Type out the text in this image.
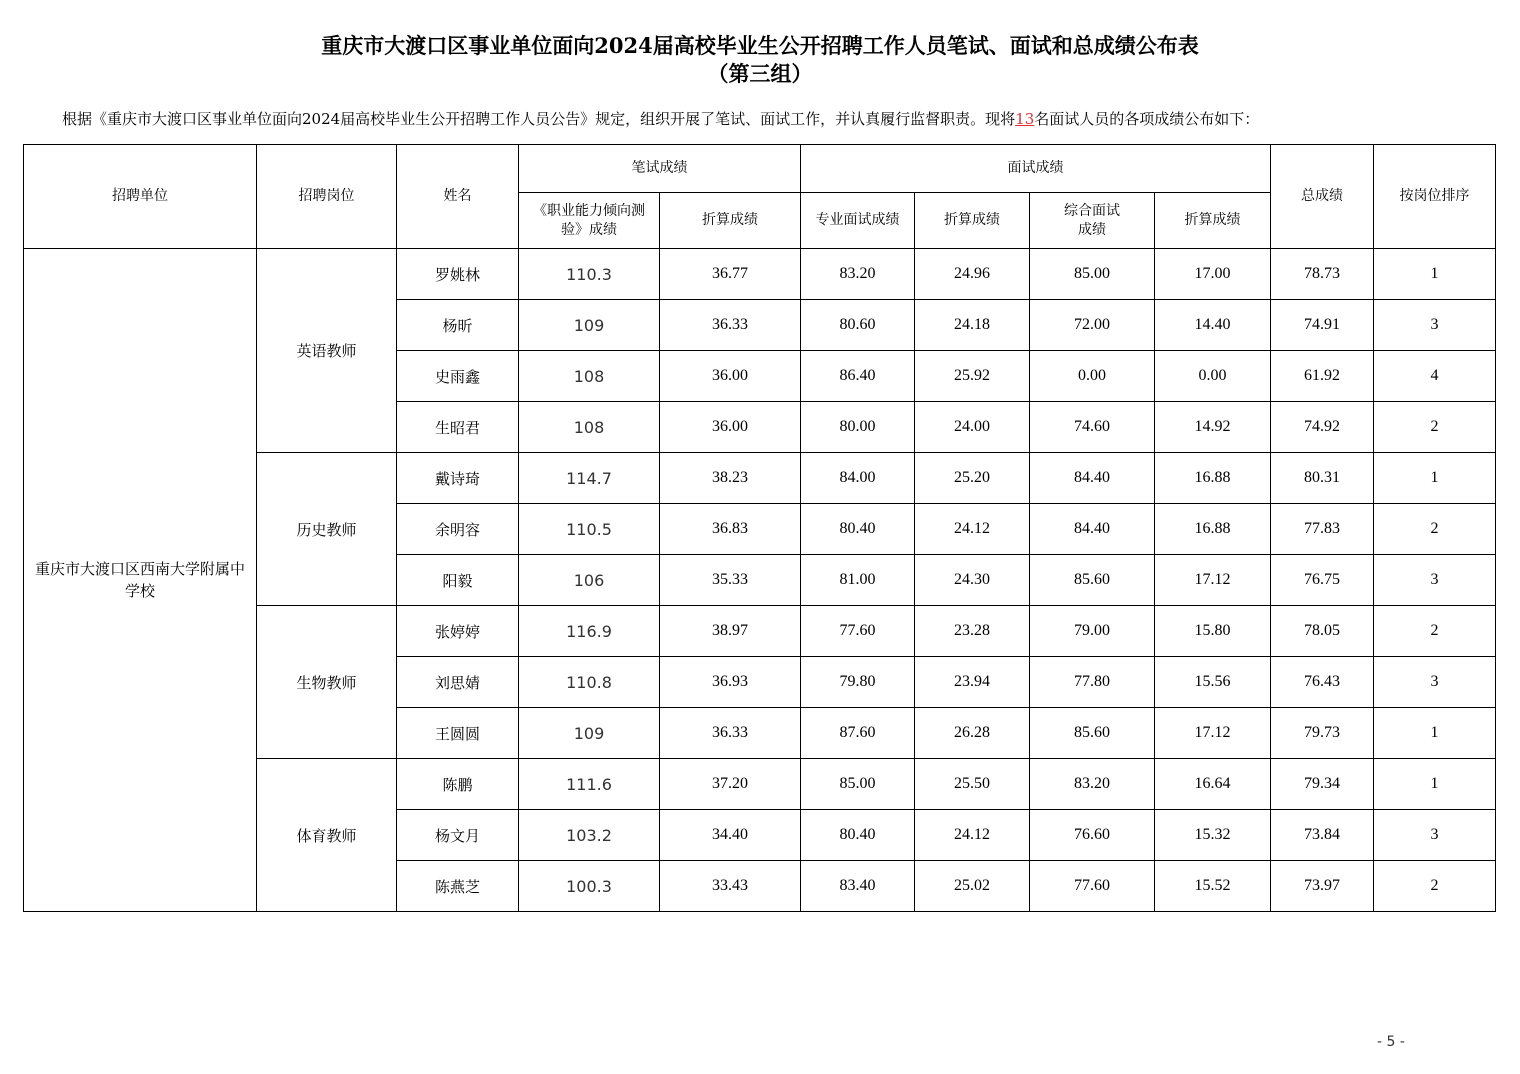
重庆市大渡口区事业单位面向2024届高校毕业生公开招聘工作人员笔试、面试和总成绩公布表
（第三组）
根据《重庆市大渡口区事业单位面向2024届高校毕业生公开招聘工作人员公告》规定，组织开展了笔试、面试工作，并认真履行监督职责。现将13名面试人员的各项成绩公布如下：
招聘单位	招聘岗位	姓名	笔试成绩		面试成绩				总成绩	按岗位排序

			《职业能力倾向测验》成绩	折算成绩	专业面试成绩	折算成绩	综合面试成绩	折算成绩		
重庆市大渡口区西南大学附属中学校	英语教师	罗姚林	110.3	36.77	83.20	24.96	85.00	17.00	78.73	1
		杨昕	109	36.33	80.60	24.18	72.00	14.40	74.91	3
		史雨鑫	108	36.00	86.40	25.92	0.00	0.00	61.92	4
		生昭君	108	36.00	80.00	24.00	74.60	14.92	74.92	2
	历史教师	戴诗琦	114.7	38.23	84.00	25.20	84.40	16.88	80.31	1
		余明容	110.5	36.83	80.40	24.12	84.40	16.88	77.83	2
		阳毅	106	35.33	81.00	24.30	85.60	17.12	76.75	3
	生物教师	张婷婷	116.9	38.97	77.60	23.28	79.00	15.80	78.05	2
		刘思婧	110.8	36.93	79.80	23.94	77.80	15.56	76.43	3
		王圆圆	109	36.33	87.60	26.28	85.60	17.12	79.73	1
	体育教师	陈鹏	111.6	37.20	85.00	25.50	83.20	16.64	79.34	1
		杨文月	103.2	34.40	80.40	24.12	76.60	15.32	73.84	3
		陈燕芝	100.3	33.43	83.40	25.02	77.60	15.52	73.97	2
- 5 -
